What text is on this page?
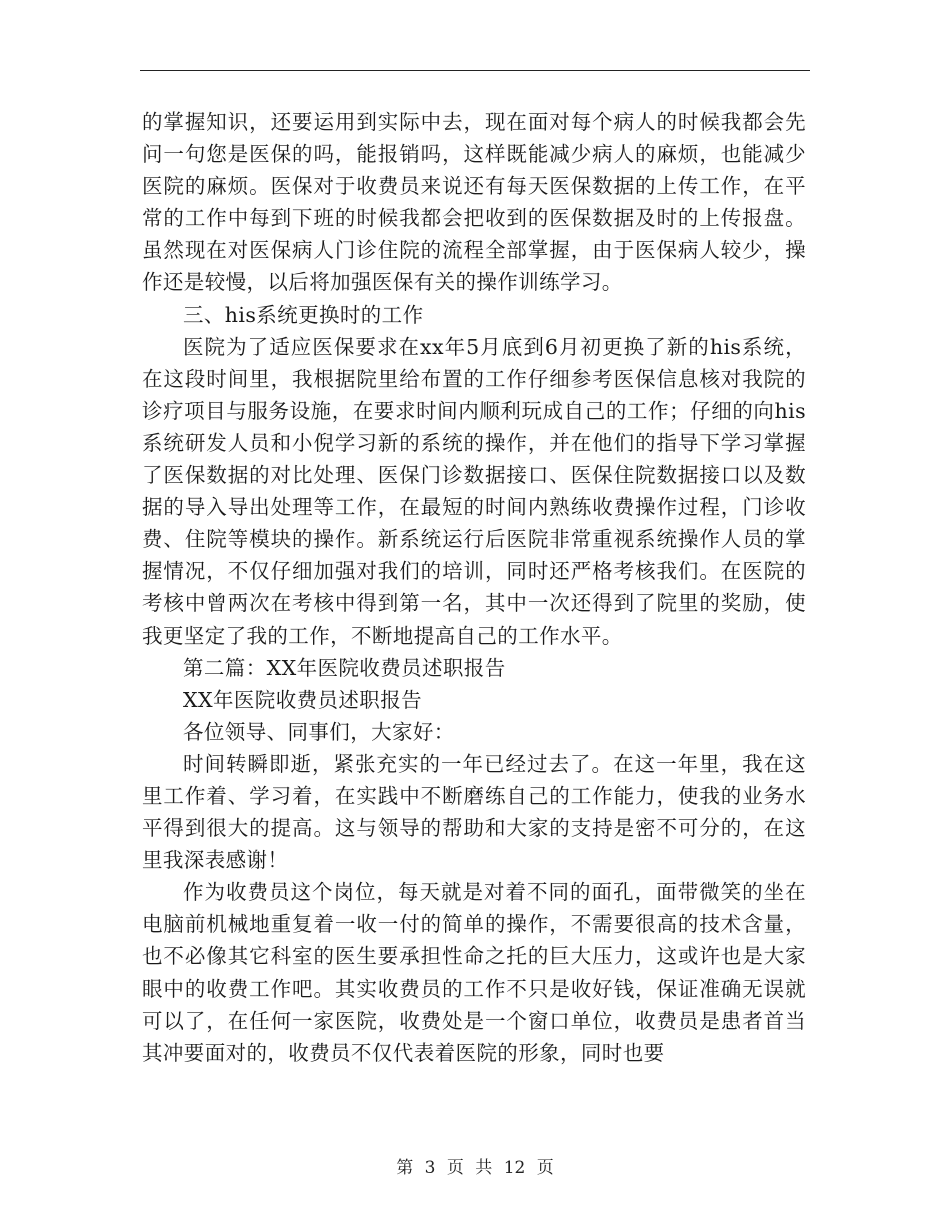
的掌握知识，还要运用到实际中去，现在面对每个病人的时候我都会先问一句您是医保的吗，能报销吗，这样既能减少病人的麻烦，也能减少医院的麻烦。医保对于收费员来说还有每天医保数据的上传工作，在平常的工作中每到下班的时候我都会把收到的医保数据及时的上传报盘。虽然现在对医保病人门诊住院的流程全部掌握，由于医保病人较少，操作还是较慢，以后将加强医保有关的操作训练学习。

三、his系统更换时的工作

医院为了适应医保要求在xx年5月底到6月初更换了新的his系统，在这段时间里，我根据院里给布置的工作仔细参考医保信息核对我院的诊疗项目与服务设施，在要求时间内顺利玩成自己的工作；仔细的向his系统研发人员和小倪学习新的系统的操作，并在他们的指导下学习掌握了医保数据的对比处理、医保门诊数据接口、医保住院数据接口以及数据的导入导出处理等工作，在最短的时间内熟练收费操作过程，门诊收费、住院等模块的操作。新系统运行后医院非常重视系统操作人员的掌握情况，不仅仔细加强对我们的培训，同时还严格考核我们。在医院的考核中曾两次在考核中得到第一名，其中一次还得到了院里的奖励，使我更坚定了我的工作，不断地提高自己的工作水平。

第二篇：XX年医院收费员述职报告

XX年医院收费员述职报告

各位领导、同事们，大家好：

时间转瞬即逝，紧张充实的一年已经过去了。在这一年里，我在这里工作着、学习着，在实践中不断磨练自己的工作能力，使我的业务水平得到很大的提高。这与领导的帮助和大家的支持是密不可分的，在这里我深表感谢！

作为收费员这个岗位，每天就是对着不同的面孔，面带微笑的坐在电脑前机械地重复着一收一付的简单的操作，不需要很高的技术含量，也不必像其它科室的医生要承担性命之托的巨大压力，这或许也是大家眼中的收费工作吧。其实收费员的工作不只是收好钱，保证准确无误就可以了，在任何一家医院，收费处是一个窗口单位，收费员是患者首当其冲要面对的，收费员不仅代表着医院的形象，同时也要

第 3 页 共 12 页
